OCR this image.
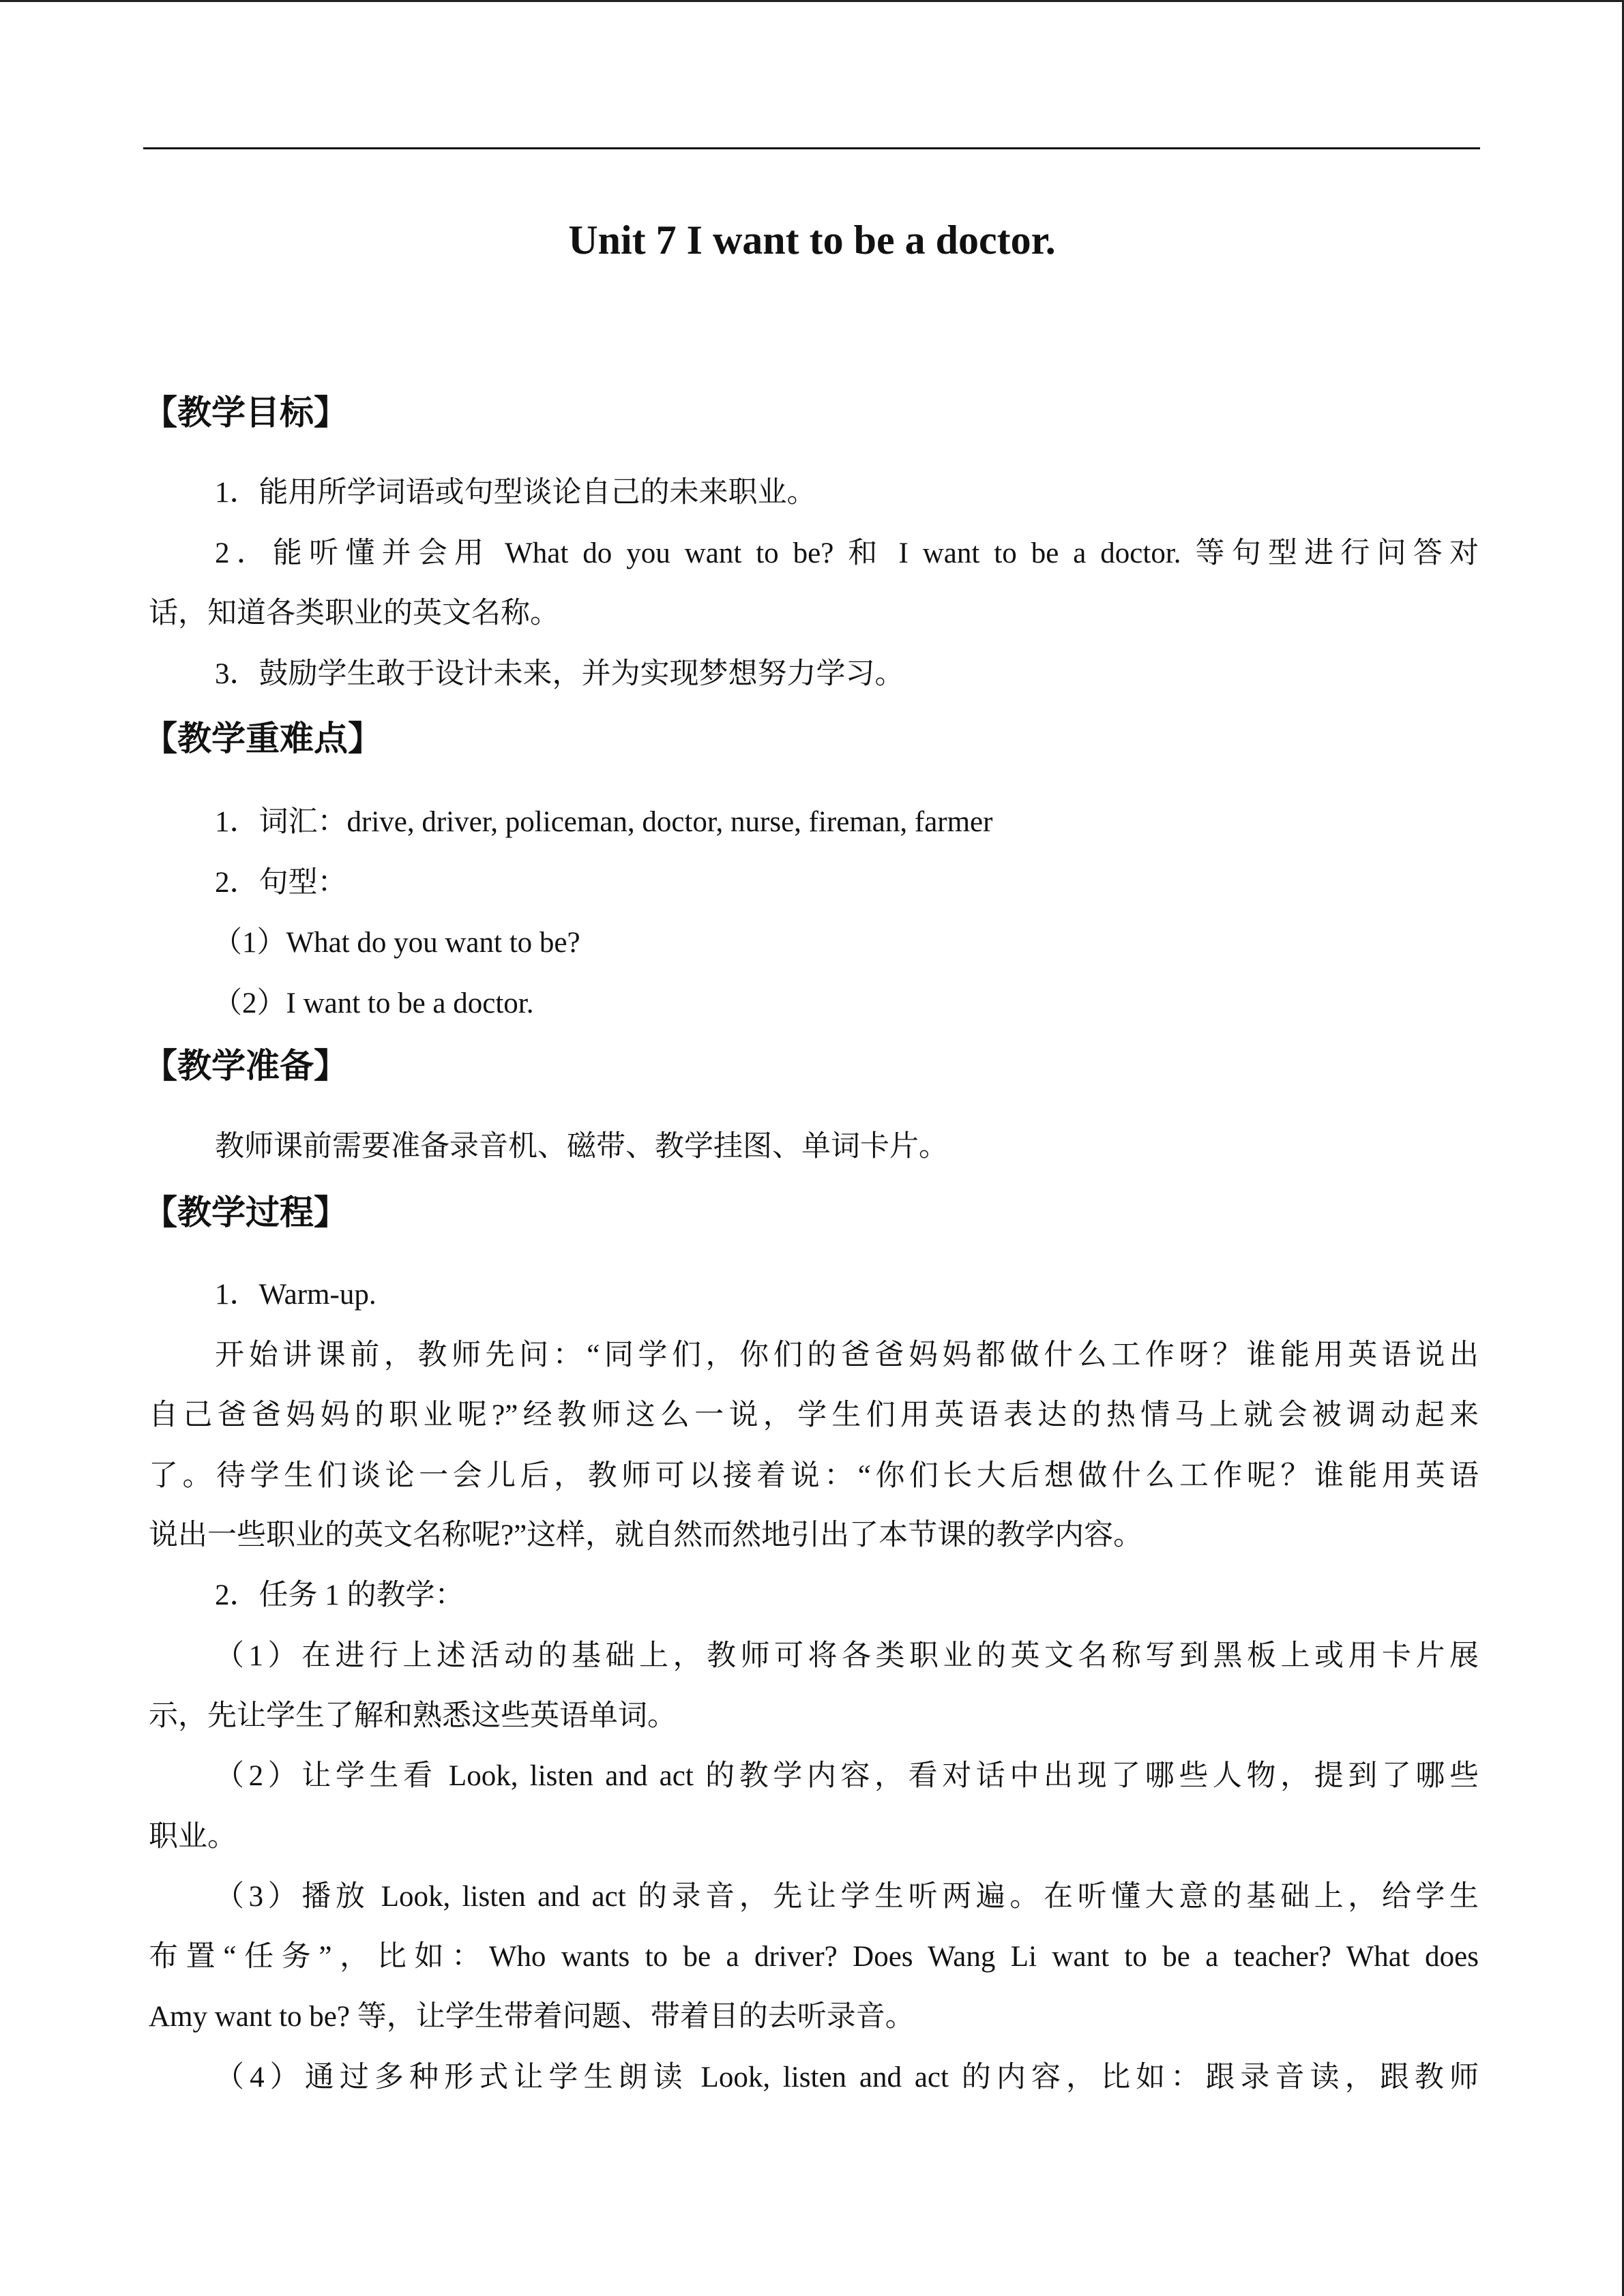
Unit 7 I want to be a doctor.
【教学目标】
1．能用所学词语或句型谈论自己的未来职业。
2．能听懂并会用 What do you want to be? 和 I want to be a doctor. 等句型进行问答对
话，知道各类职业的英文名称。
3．鼓励学生敢于设计未来，并为实现梦想努力学习。
【教学重难点】
1．词汇：drive, driver, policeman, doctor, nurse, fireman, farmer
2．句型：
（1）What do you want to be?
（2）I want to be a doctor.
【教学准备】
教师课前需要准备录音机、磁带、教学挂图、单词卡片。
【教学过程】
1．Warm-up.
开始讲课前，教师先问：“同学们，你们的爸爸妈妈都做什么工作呀？谁能用英语说出
自己爸爸妈妈的职业呢?”经教师这么一说，学生们用英语表达的热情马上就会被调动起来
了。待学生们谈论一会儿后，教师可以接着说：“你们长大后想做什么工作呢？谁能用英语
说出一些职业的英文名称呢?”这样，就自然而然地引出了本节课的教学内容。
2．任务 1 的教学：
（1）在进行上述活动的基础上，教师可将各类职业的英文名称写到黑板上或用卡片展
示，先让学生了解和熟悉这些英语单词。
（2）让学生看 Look, listen and act 的教学内容，看对话中出现了哪些人物，提到了哪些
职业。
（3）播放 Look, listen and act 的录音，先让学生听两遍。在听懂大意的基础上，给学生
布置“任务”，比如：Who wants to be a driver? Does Wang Li want to be a teacher? What does
Amy want to be? 等，让学生带着问题、带着目的去听录音。
（4）通过多种形式让学生朗读 Look, listen and act 的内容，比如：跟录音读，跟教师
